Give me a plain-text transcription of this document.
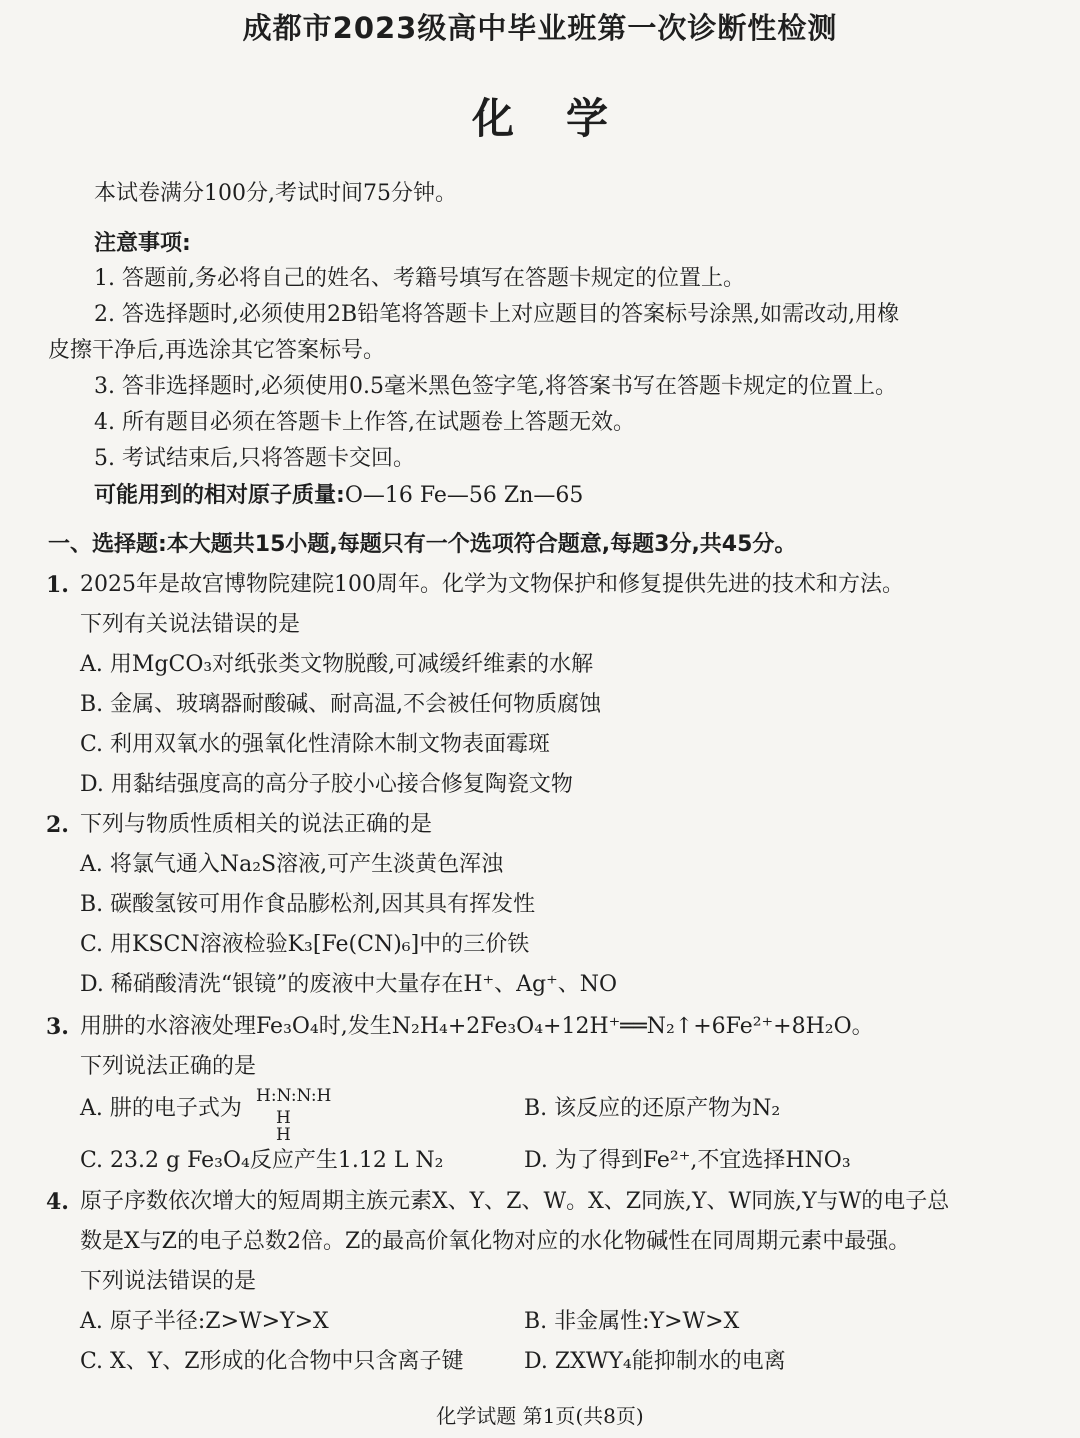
成都市2023级高中毕业班第一次诊断性检测
化学
本试卷满分100分,考试时间75分钟。
注意事项:
1. 答题前,务必将自己的姓名、考籍号填写在答题卡规定的位置上。
2. 答选择题时,必须使用2B铅笔将答题卡上对应题目的答案标号涂黑,如需改动,用橡
皮擦干净后,再选涂其它答案标号。
3. 答非选择题时,必须使用0.5毫米黑色签字笔,将答案书写在答题卡规定的位置上。
4. 所有题目必须在答题卡上作答,在试题卷上答题无效。
5. 考试结束后,只将答题卡交回。
可能用到的相对原子质量:O—16 Fe—56 Zn—65
一、选择题:本大题共15小题,每题只有一个选项符合题意,每题3分,共45分。
1. 2025年是故宫博物院建院100周年。化学为文物保护和修复提供先进的技术和方法。
下列有关说法错误的是
A. 用MgCO₃对纸张类文物脱酸,可减缓纤维素的水解
B. 金属、玻璃器耐酸碱、耐高温,不会被任何物质腐蚀
C. 利用双氧水的强氧化性清除木制文物表面霉斑
D. 用黏结强度高的高分子胶小心接合修复陶瓷文物
2. 下列与物质性质相关的说法正确的是
A. 将氯气通入Na₂S溶液,可产生淡黄色浑浊
B. 碳酸氢铵可用作食品膨松剂,因其具有挥发性
C. 用KSCN溶液检验K₃[Fe(CN)₆]中的三价铁
D. 稀硝酸清洗“银镜”的废液中大量存在H⁺、Ag⁺、NO
3. 用肼的水溶液处理Fe₃O₄时,发生N₂H₄+2Fe₃O₄+12H⁺══N₂↑+6Fe²⁺+8H₂O。
下列说法正确的是
A. 肼的电子式为 H:N:N:H
H H
B. 该反应的还原产物为N₂
C. 23.2 g Fe₃O₄反应产生1.12 L N₂	D. 为了得到Fe²⁺,不宜选择HNO₃
4. 原子序数依次增大的短周期主族元素X、Y、Z、W。X、Z同族,Y、W同族,Y与W的电子总
数是X与Z的电子总数2倍。Z的最高价氧化物对应的水化物碱性在同周期元素中最强。
下列说法错误的是
A. 原子半径:Z>W>Y>X	B. 非金属性:Y>W>X
C. X、Y、Z形成的化合物中只含离子键	D. ZXWY₄能抑制水的电离
化学试题 第1页(共8页)
